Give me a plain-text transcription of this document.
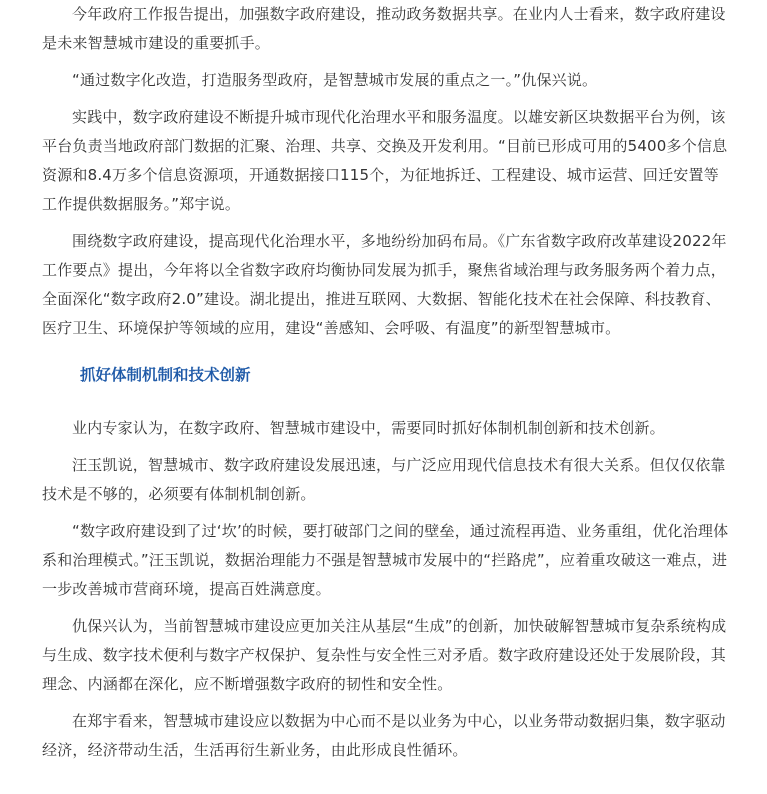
今年政府工作报告提出，加强数字政府建设，推动政务数据共享。在业内人士看来，数字政府建设是未来智慧城市建设的重要抓手。

“通过数字化改造，打造服务型政府，是智慧城市发展的重点之一。”仇保兴说。

实践中，数字政府建设不断提升城市现代化治理水平和服务温度。以雄安新区块数据平台为例，该平台负责当地政府部门数据的汇聚、治理、共享、交换及开发利用。“目前已形成可用的5400多个信息资源和8.4万多个信息资源项，开通数据接口115个，为征地拆迁、工程建设、城市运营、回迁安置等工作提供数据服务。”郑宇说。

围绕数字政府建设，提高现代化治理水平，多地纷纷加码布局。《广东省数字政府改革建设2022年工作要点》提出，今年将以全省数字政府均衡协同发展为抓手，聚焦省域治理与政务服务两个着力点，全面深化“数字政府2.0”建设。湖北提出，推进互联网、大数据、智能化技术在社会保障、科技教育、医疗卫生、环境保护等领域的应用，建设“善感知、会呼吸、有温度”的新型智慧城市。

抓好体制机制和技术创新

业内专家认为，在数字政府、智慧城市建设中，需要同时抓好体制机制创新和技术创新。

汪玉凯说，智慧城市、数字政府建设发展迅速，与广泛应用现代信息技术有很大关系。但仅仅依靠技术是不够的，必须要有体制机制创新。

“数字政府建设到了过‘坎’的时候，要打破部门之间的壁垒，通过流程再造、业务重组，优化治理体系和治理模式。”汪玉凯说，数据治理能力不强是智慧城市发展中的“拦路虎”，应着重攻破这一难点，进一步改善城市营商环境，提高百姓满意度。

仇保兴认为，当前智慧城市建设应更加关注从基层“生成”的创新，加快破解智慧城市复杂系统构成与生成、数字技术便利与数字产权保护、复杂性与安全性三对矛盾。数字政府建设还处于发展阶段，其理念、内涵都在深化，应不断增强数字政府的韧性和安全性。

在郑宇看来，智慧城市建设应以数据为中心而不是以业务为中心，以业务带动数据归集，数字驱动经济，经济带动生活，生活再衍生新业务，由此形成良性循环。
